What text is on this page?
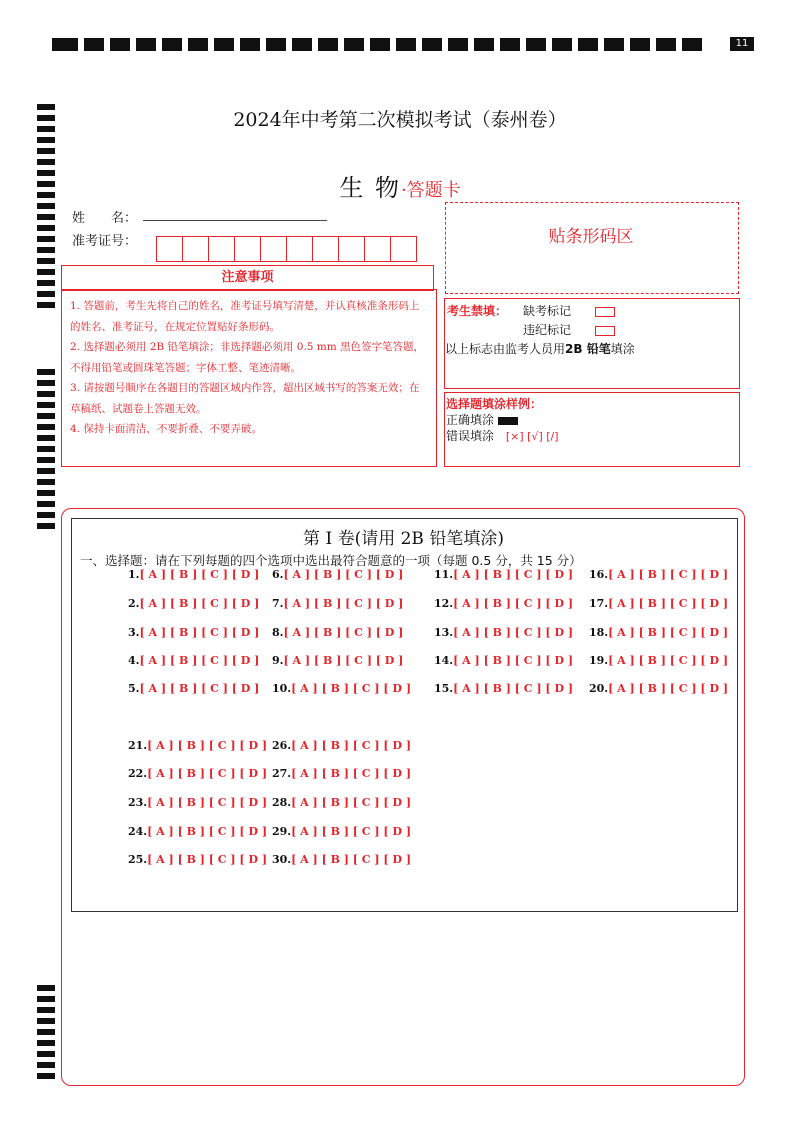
11
2024年中考第二次模拟考试（泰州卷）
生 物·答题卡
姓　　名：
准考证号：
注意事项
1. 答题前，考生先将自己的姓名，准考证号填写清楚，并认真核准条形码上的姓名、准考证号，在规定位置贴好条形码。
2. 选择题必须用 2B 铅笔填涂；非选择题必须用 0.5 mm 黑色签字笔答题，不得用铅笔或圆珠笔答题；字体工整、笔迹清晰。
3. 请按题号顺序在各题目的答题区域内作答，超出区域书写的答案无效；在草稿纸、试题卷上答题无效。
4. 保持卡面清洁，不要折叠、不要弄破。
贴条形码区
考生禁填： 缺考标记
违纪标记
以上标志由监考人员用2B 铅笔填涂
选择题填涂样例：
正确填涂
错误填涂 [×] [√] [/]
第 I 卷(请用 2B 铅笔填涂)
一、选择题：请在下列每题的四个选项中选出最符合题意的一项（每题 0.5 分，共 15 分）
1.[ A ] [ B ] [ C ] [ D ]
2.[ A ] [ B ] [ C ] [ D ]
3.[ A ] [ B ] [ C ] [ D ]
4.[ A ] [ B ] [ C ] [ D ]
5.[ A ] [ B ] [ C ] [ D ]
6.[ A ] [ B ] [ C ] [ D ]
7.[ A ] [ B ] [ C ] [ D ]
8.[ A ] [ B ] [ C ] [ D ]
9.[ A ] [ B ] [ C ] [ D ]
10.[ A ] [ B ] [ C ] [ D ]
11.[ A ] [ B ] [ C ] [ D ]
12.[ A ] [ B ] [ C ] [ D ]
13.[ A ] [ B ] [ C ] [ D ]
14.[ A ] [ B ] [ C ] [ D ]
15.[ A ] [ B ] [ C ] [ D ]
16.[ A ] [ B ] [ C ] [ D ]
17.[ A ] [ B ] [ C ] [ D ]
18.[ A ] [ B ] [ C ] [ D ]
19.[ A ] [ B ] [ C ] [ D ]
20.[ A ] [ B ] [ C ] [ D ]
21.[ A ] [ B ] [ C ] [ D ]
22.[ A ] [ B ] [ C ] [ D ]
23.[ A ] [ B ] [ C ] [ D ]
24.[ A ] [ B ] [ C ] [ D ]
25.[ A ] [ B ] [ C ] [ D ]
26.[ A ] [ B ] [ C ] [ D ]
27.[ A ] [ B ] [ C ] [ D ]
28.[ A ] [ B ] [ C ] [ D ]
29.[ A ] [ B ] [ C ] [ D ]
30.[ A ] [ B ] [ C ] [ D ]
